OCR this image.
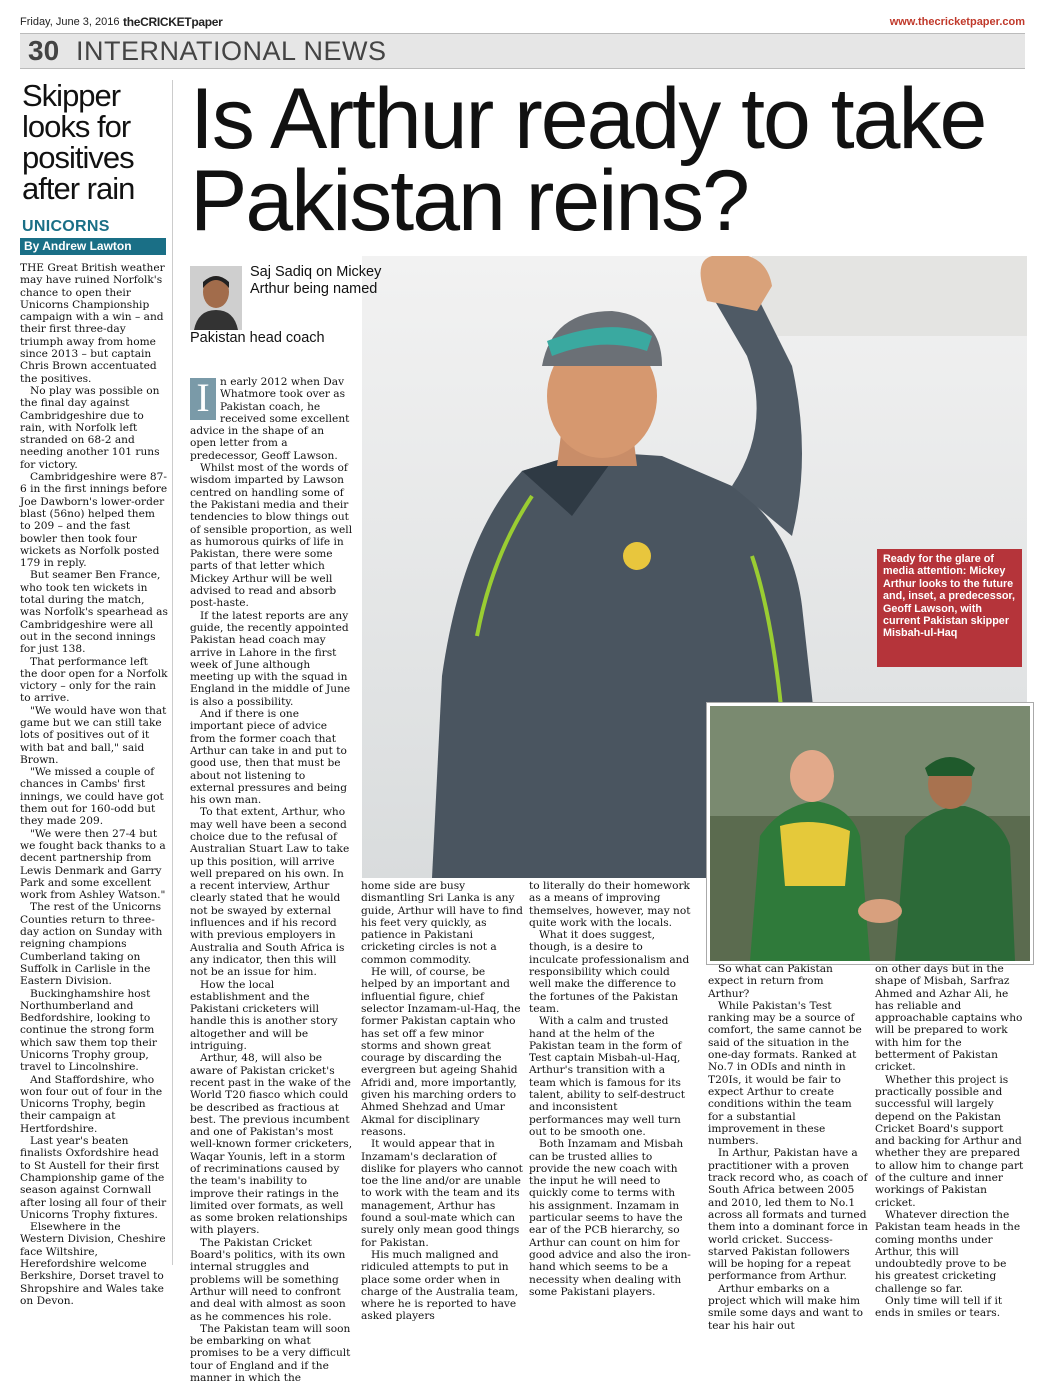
Friday, June 3, 2016 theCRICKETpaper	www.thecricketpaper.com
30 INTERNATIONAL NEWS
Skipper looks for positives after rain
UNICORNS
By Andrew Lawton

THE Great British weather may have ruined Norfolk's chance to open their Unicorns Championship campaign with a win – and their first three-day triumph away from home since 2013 – but captain Chris Brown accentuated the positives.

No play was possible on the final day against Cambridgeshire due to rain, with Norfolk left stranded on 68-2 and needing another 101 runs for victory.

Cambridgeshire were 87-6 in the first innings before Joe Dawborn's lower-order blast (56no) helped them to 209 – and the fast bowler then took four wickets as Norfolk posted 179 in reply.

But seamer Ben France, who took ten wickets in total during the match, was Norfolk's spearhead as Cambridgeshire were all out in the second innings for just 138.

That performance left the door open for a Norfolk victory – only for the rain to arrive.

"We would have won that game but we can still take lots of positives out of it with bat and ball," said Brown.

"We missed a couple of chances in Cambs' first innings, we could have got them out for 160-odd but they made 209.

"We were then 27-4 but we fought back thanks to a decent partnership from Lewis Denmark and Garry Park and some excellent work from Ashley Watson."

The rest of the Unicorns Counties return to three-day action on Sunday with reigning champions Cumberland taking on Suffolk in Carlisle in the Eastern Division.

Buckinghamshire host Northumberland and Bedfordshire, looking to continue the strong form which saw them top their Unicorns Trophy group, travel to Lincolnshire.

And Staffordshire, who won four out of four in the Unicorns Trophy, begin their campaign at Hertfordshire.

Last year's beaten finalists Oxfordshire head to St Austell for their first Championship game of the season against Cornwall after losing all four of their Unicorns Trophy fixtures.

Elsewhere in the Western Division, Cheshire face Wiltshire, Herefordshire welcome Berkshire, Dorset travel to Shropshire and Wales take on Devon.

Is Arthur ready to take Pakistan reins?
Ready for the glare of media attention: Mickey Arthur looks to the future and, inset, a predecessor, Geoff Lawson, with current Pakistan skipper Misbah-ul-Haq
Saj Sadiq on Mickey Arthur being named
Pakistan head coach
I n early 2012 when Dav Whatmore took over as Pakistan coach, he received some excellent advice in the shape of an open letter from a predecessor, Geoff Lawson.

Whilst most of the words of wisdom imparted by Lawson centred on handling some of the Pakistani media and their tendencies to blow things out of sensible proportion, as well as humorous quirks of life in Pakistan, there were some parts of that letter which Mickey Arthur will be well advised to read and absorb post-haste.

If the latest reports are any guide, the recently appointed Pakistan head coach may arrive in Lahore in the first week of June although meeting up with the squad in England in the middle of June is also a possibility.

And if there is one important piece of advice from the former coach that Arthur can take in and put to good use, then that must be about not listening to external pressures and being his own man.

To that extent, Arthur, who may well have been a second choice due to the refusal of Australian Stuart Law to take up this position, will arrive well prepared on his own. In a recent interview, Arthur clearly stated that he would not be swayed by external influences and if his record with previous employers in Australia and South Africa is any indicator, then this will not be an issue for him.

How the local establishment and the Pakistani cricketers will handle this is another story altogether and will be intriguing.

Arthur, 48, will also be aware of Pakistan cricket's recent past in the wake of the World T20 fiasco which could be described as fractious at best. The previous incumbent and one of Pakistan's most well-known former cricketers, Waqar Younis, left in a storm of recriminations caused by the team's inability to improve their ratings in the limited over formats, as well as some broken relationships with players.

The Pakistan Cricket Board's politics, with its own internal struggles and problems will be something Arthur will need to confront and deal with almost as soon as he commences his role.

The Pakistan team will soon be embarking on what promises to be a very difficult tour of England and if the manner in which the

home side are busy dismantling Sri Lanka is any guide, Arthur will have to find his feet very quickly, as patience in Pakistani cricketing circles is not a common commodity.

He will, of course, be helped by an important and influential figure, chief selector Inzamam-ul-Haq, the former Pakistan captain who has set off a few minor storms and shown great courage by discarding the evergreen but ageing Shahid Afridi and, more importantly, given his marching orders to Ahmed Shehzad and Umar Akmal for disciplinary reasons.

It would appear that in Inzamam's declaration of dislike for players who cannot toe the line and/or are unable to work with the team and its management, Arthur has found a soul-mate which can surely only mean good things for Pakistan.

His much maligned and ridiculed attempts to put in place some order when in charge of the Australia team, where he is reported to have asked players

to literally do their homework as a means of improving themselves, however, may not quite work with the locals.

What it does suggest, though, is a desire to inculcate professionalism and responsibility which could well make the difference to the fortunes of the Pakistan team.

With a calm and trusted hand at the helm of the Pakistan team in the form of Test captain Misbah-ul-Haq, Arthur's transition with a team which is famous for its talent, ability to self-destruct and inconsistent performances may well turn out to be smooth one.

Both Inzamam and Misbah can be trusted allies to provide the new coach with the input he will need to quickly come to terms with his assignment. Inzamam in particular seems to have the ear of the PCB hierarchy, so Arthur can count on him for good advice and also the iron-hand which seems to be a necessity when dealing with some Pakistani players.

So what can Pakistan expect in return from Arthur?

While Pakistan's Test ranking may be a source of comfort, the same cannot be said of the situation in the one-day formats. Ranked at No.7 in ODIs and ninth in T20Is, it would be fair to expect Arthur to create conditions within the team for a substantial improvement in these numbers.

In Arthur, Pakistan have a practitioner with a proven track record who, as coach of South Africa between 2005 and 2010, led them to No.1 across all formats and turned them into a dominant force in world cricket. Success-starved Pakistan followers will be hoping for a repeat performance from Arthur.

Arthur embarks on a project which will make him smile some days and want to tear his hair out

on other days but in the shape of Misbah, Sarfraz Ahmed and Azhar Ali, he has reliable and approachable captains who will be prepared to work with him for the betterment of Pakistan cricket.

Whether this project is practically possible and successful will largely depend on the Pakistan Cricket Board's support and backing for Arthur and whether they are prepared to allow him to change part of the culture and inner workings of Pakistan cricket.

Whatever direction the Pakistan team heads in the coming months under Arthur, this will undoubtedly prove to be his greatest cricketing challenge so far.

Only time will tell if it ends in smiles or tears.
